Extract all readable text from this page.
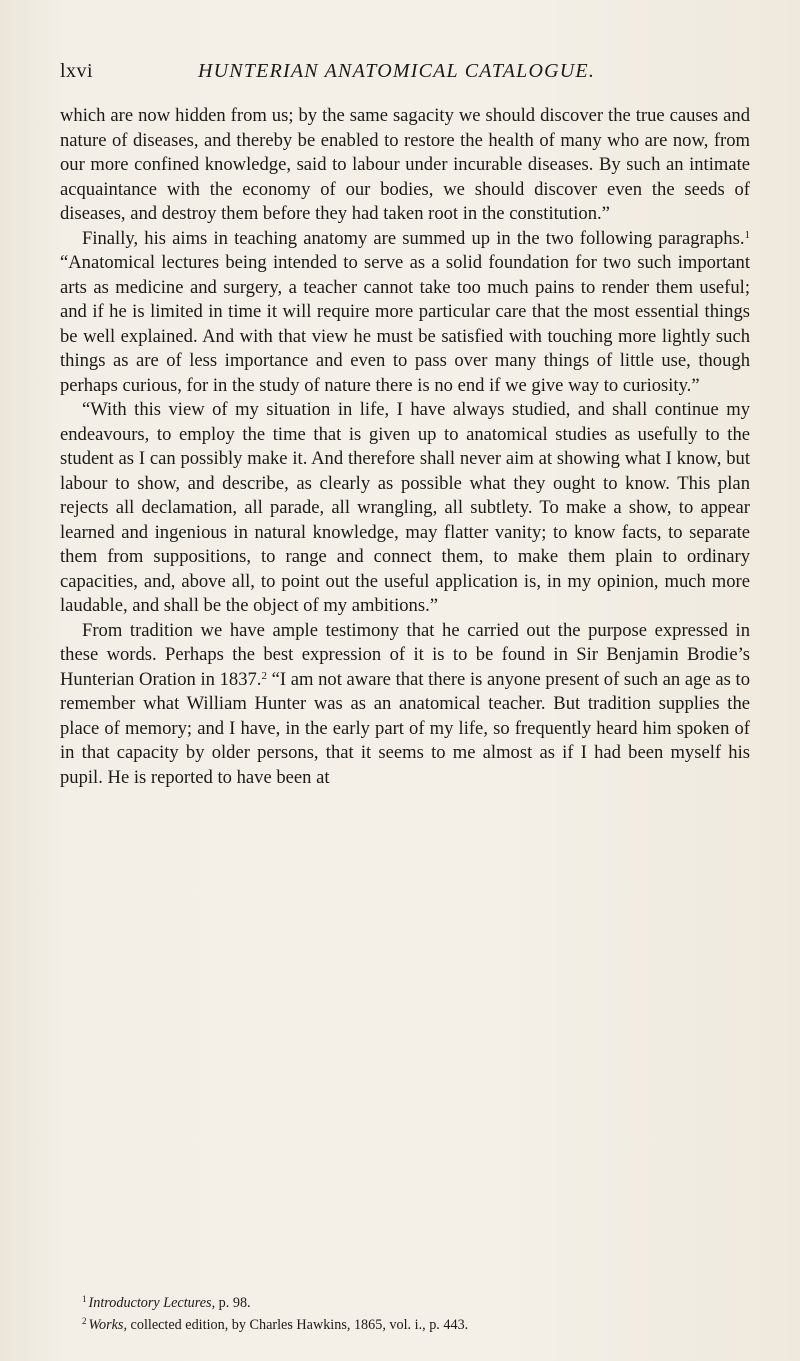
lxvi	HUNTERIAN ANATOMICAL CATALOGUE.

which are now hidden from us; by the same sagacity we should discover the true causes and nature of diseases, and thereby be enabled to restore the health of many who are now, from our more confined knowledge, said to labour under incurable diseases. By such an intimate acquaintance with the economy of our bodies, we should discover even the seeds of diseases, and destroy them before they had taken root in the constitution.”

Finally, his aims in teaching anatomy are summed up in the two following paragraphs.$^1$ “Anatomical lectures being intended to serve as a solid foundation for two such important arts as medicine and surgery, a teacher cannot take too much pains to render them useful; and if he is limited in time it will require more particular care that the most essential things be well explained. And with that view he must be satisfied with touching more lightly such things as are of less importance and even to pass over many things of little use, though perhaps curious, for in the study of nature there is no end if we give way to curiosity.”

“With this view of my situation in life, I have always studied, and shall continue my endeavours, to employ the time that is given up to anatomical studies as usefully to the student as I can possibly make it. And therefore shall never aim at showing what I know, but labour to show, and describe, as clearly as possible what they ought to know. This plan rejects all declamation, all parade, all wrangling, all subtlety. To make a show, to appear learned and ingenious in natural knowledge, may flatter vanity; to know facts, to separate them from suppositions, to range and connect them, to make them plain to ordinary capacities, and, above all, to point out the useful application is, in my opinion, much more laudable, and shall be the object of my ambitions.”

From tradition we have ample testimony that he carried out the purpose expressed in these words. Perhaps the best expression of it is to be found in Sir Benjamin Brodie’s Hunterian Oration in 1837.$^2$ “I am not aware that there is anyone present of such an age as to remember what William Hunter was as an anatomical teacher. But tradition supplies the place of memory; and I have, in the early part of my life, so frequently heard him spoken of in that capacity by older persons, that it seems to me almost as if I had been myself his pupil. He is reported to have been at

$^1$ Introductory Lectures, p. 98.

$^2$ Works, collected edition, by Charles Hawkins, 1865, vol. i., p. 443.
